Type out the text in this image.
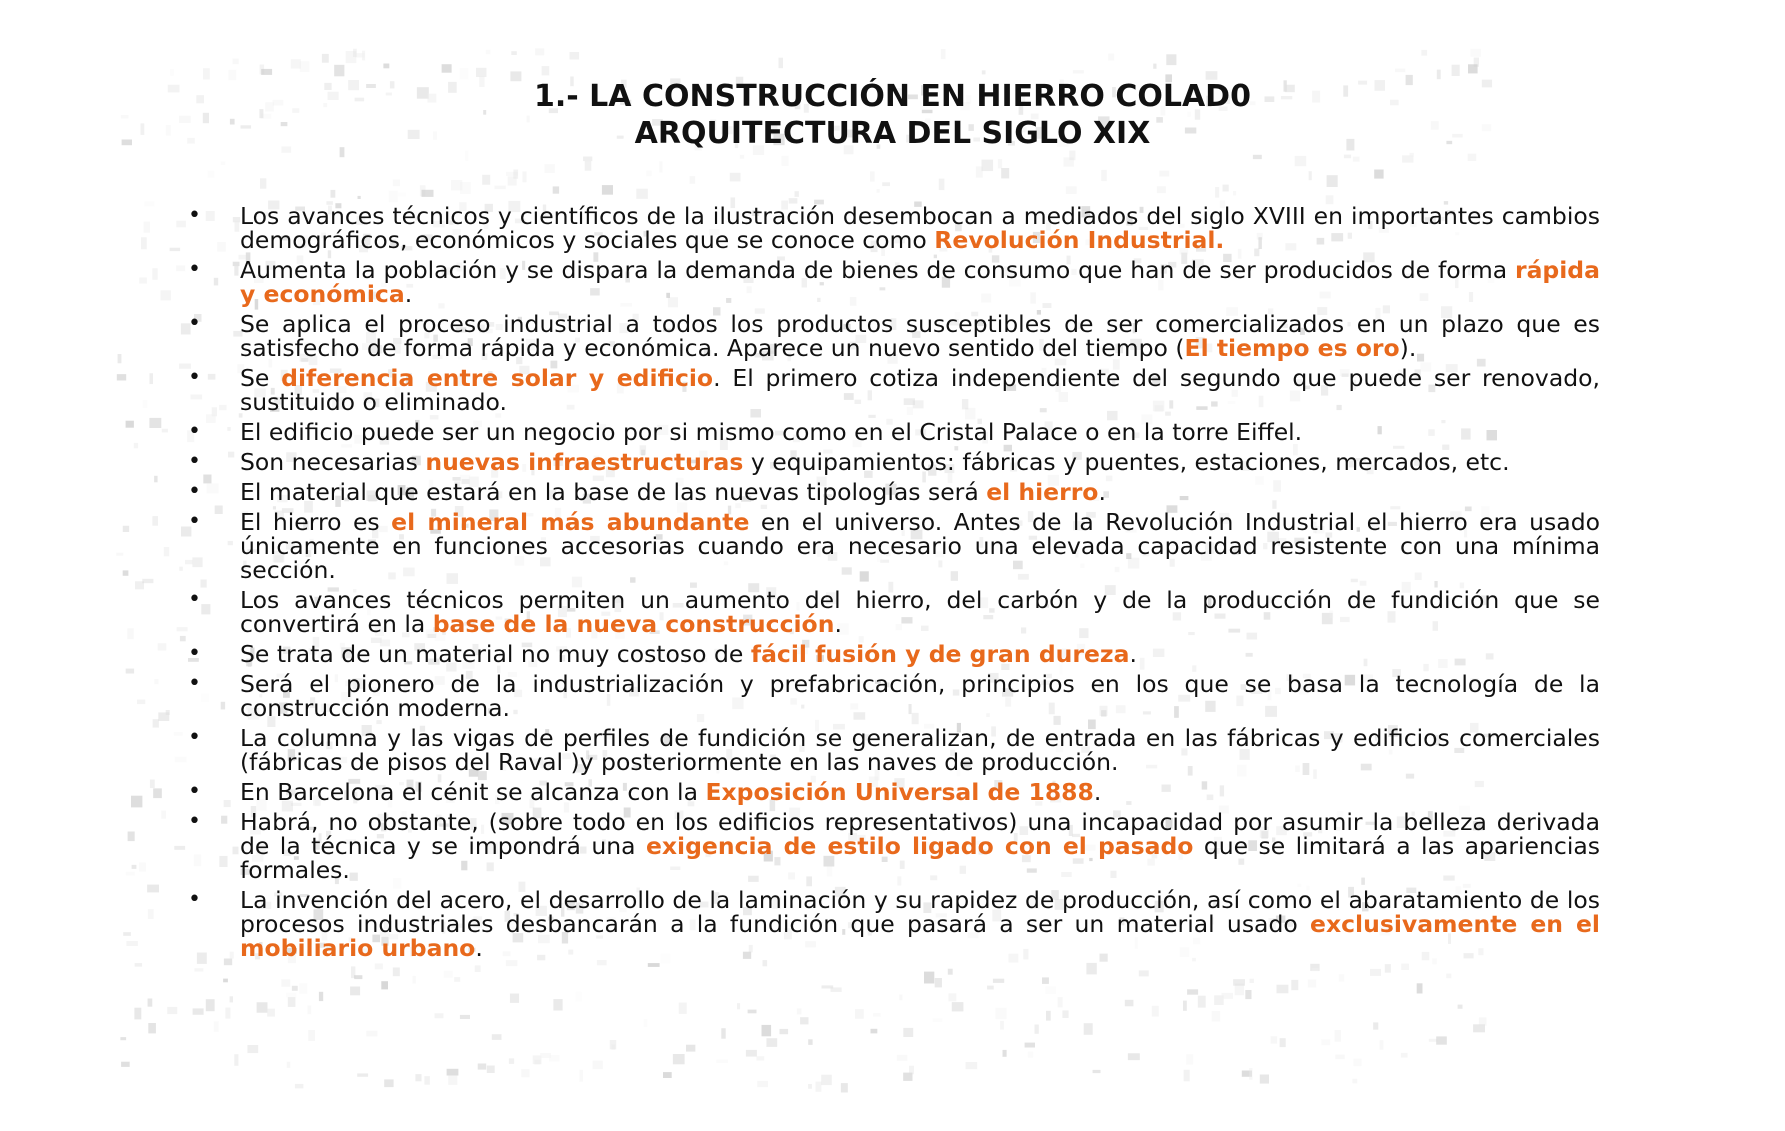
1.- LA CONSTRUCCIÓN EN HIERRO COLAD0
ARQUITECTURA DEL SIGLO XIX
• Los avances técnicos y científicos de la ilustración desembocan a mediados del siglo XVIII en importantes cambios demográficos, económicos y sociales que se conoce como Revolución Industrial.
• Aumenta la población y se dispara la demanda de bienes de consumo que han de ser producidos de forma rápida y económica.
• Se aplica el proceso industrial a todos los productos susceptibles de ser comercializados en un plazo que es satisfecho de forma rápida y económica. Aparece un nuevo sentido del tiempo (El tiempo es oro).
• Se diferencia entre solar y edificio. El primero cotiza independiente del segundo que puede ser renovado, sustituido o eliminado.
• El edificio puede ser un negocio por si mismo como en el Cristal Palace o en la torre Eiffel.
• Son necesarias nuevas infraestructuras y equipamientos: fábricas y puentes, estaciones, mercados, etc.
• El material que estará en la base de las nuevas tipologías será el hierro.
• El hierro es el mineral más abundante en el universo. Antes de la Revolución Industrial el hierro era usado únicamente en funciones accesorias cuando era necesario una elevada capacidad resistente con una mínima sección.
• Los avances técnicos permiten un aumento del hierro, del carbón y de la producción de fundición que se convertirá en la base de la nueva construcción.
• Se trata de un material no muy costoso de fácil fusión y de gran dureza.
• Será el pionero de la industrialización y prefabricación, principios en los que se basa la tecnología de la construcción moderna.
• La columna y las vigas de perfiles de fundición se generalizan, de entrada en las fábricas y edificios comerciales (fábricas de pisos del Raval )y posteriormente en las naves de producción.
• En Barcelona el cénit se alcanza con la Exposición Universal de 1888.
• Habrá, no obstante, (sobre todo en los edificios representativos) una incapacidad por asumir la belleza derivada de la técnica y se impondrá una exigencia de estilo ligado con el pasado que se limitará a las apariencias formales.
• La invención del acero, el desarrollo de la laminación y su rapidez de producción, así como el abaratamiento de los procesos industriales desbancarán a la fundición que pasará a ser un material usado exclusivamente en el mobiliario urbano.
